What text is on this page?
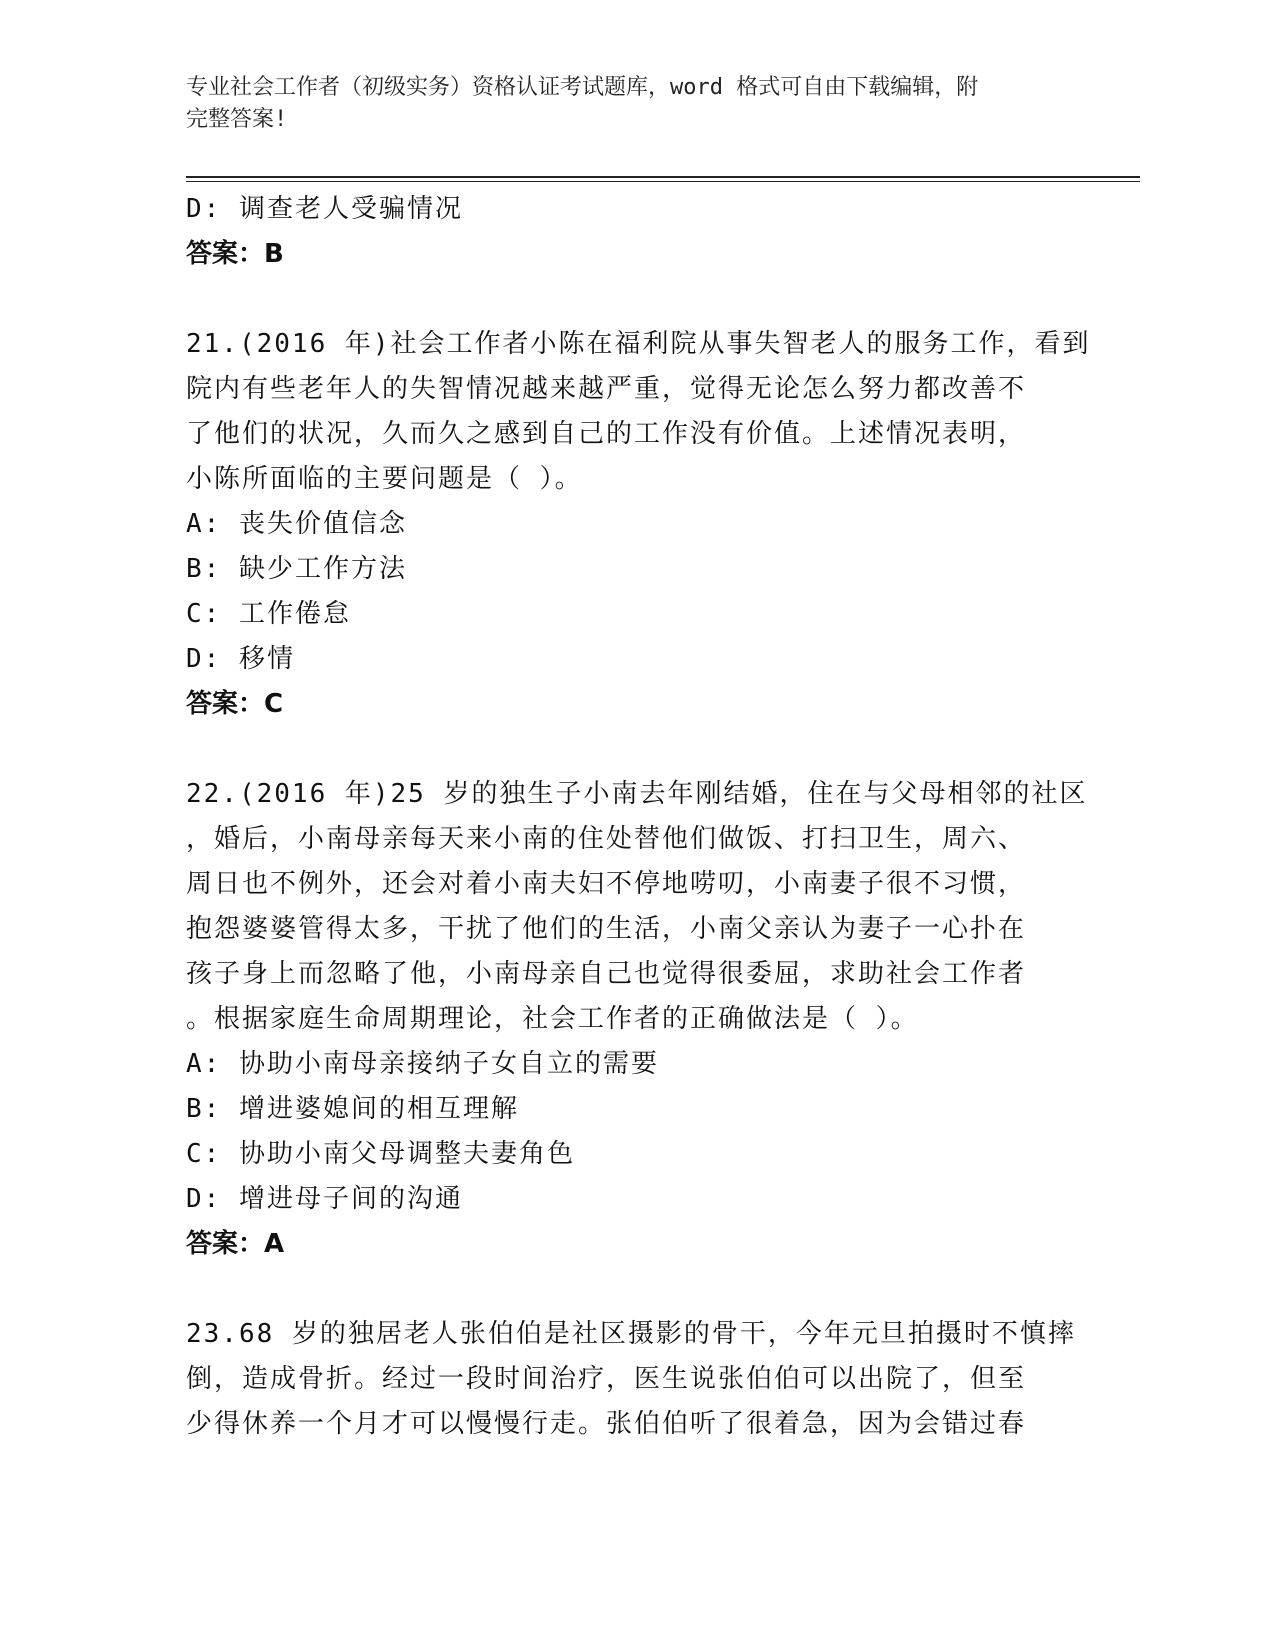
专业社会工作者（初级实务）资格认证考试题库，word 格式可自由下载编辑，附
完整答案!
D: 调查老人受骗情况
答案：B
21.(2016 年)社会工作者小陈在福利院从事失智老人的服务工作，看到
院内有些老年人的失智情况越来越严重，觉得无论怎么努力都改善不
了他们的状况，久而久之感到自己的工作没有价值。上述情况表明，
小陈所面临的主要问题是（ ）。
A: 丧失价值信念
B: 缺少工作方法
C: 工作倦怠
D: 移情
答案：C
22.(2016 年)25 岁的独生子小南去年刚结婚，住在与父母相邻的社区
，婚后，小南母亲每天来小南的住处替他们做饭、打扫卫生，周六、
周日也不例外，还会对着小南夫妇不停地唠叨，小南妻子很不习惯，
抱怨婆婆管得太多，干扰了他们的生活，小南父亲认为妻子一心扑在
孩子身上而忽略了他，小南母亲自己也觉得很委屈，求助社会工作者
。根据家庭生命周期理论，社会工作者的正确做法是（ ）。
A: 协助小南母亲接纳子女自立的需要
B: 增进婆媳间的相互理解
C: 协助小南父母调整夫妻角色
D: 增进母子间的沟通
答案：A
23.68 岁的独居老人张伯伯是社区摄影的骨干，今年元旦拍摄时不慎摔
倒，造成骨折。经过一段时间治疗，医生说张伯伯可以出院了，但至
少得休养一个月才可以慢慢行走。张伯伯听了很着急，因为会错过春
